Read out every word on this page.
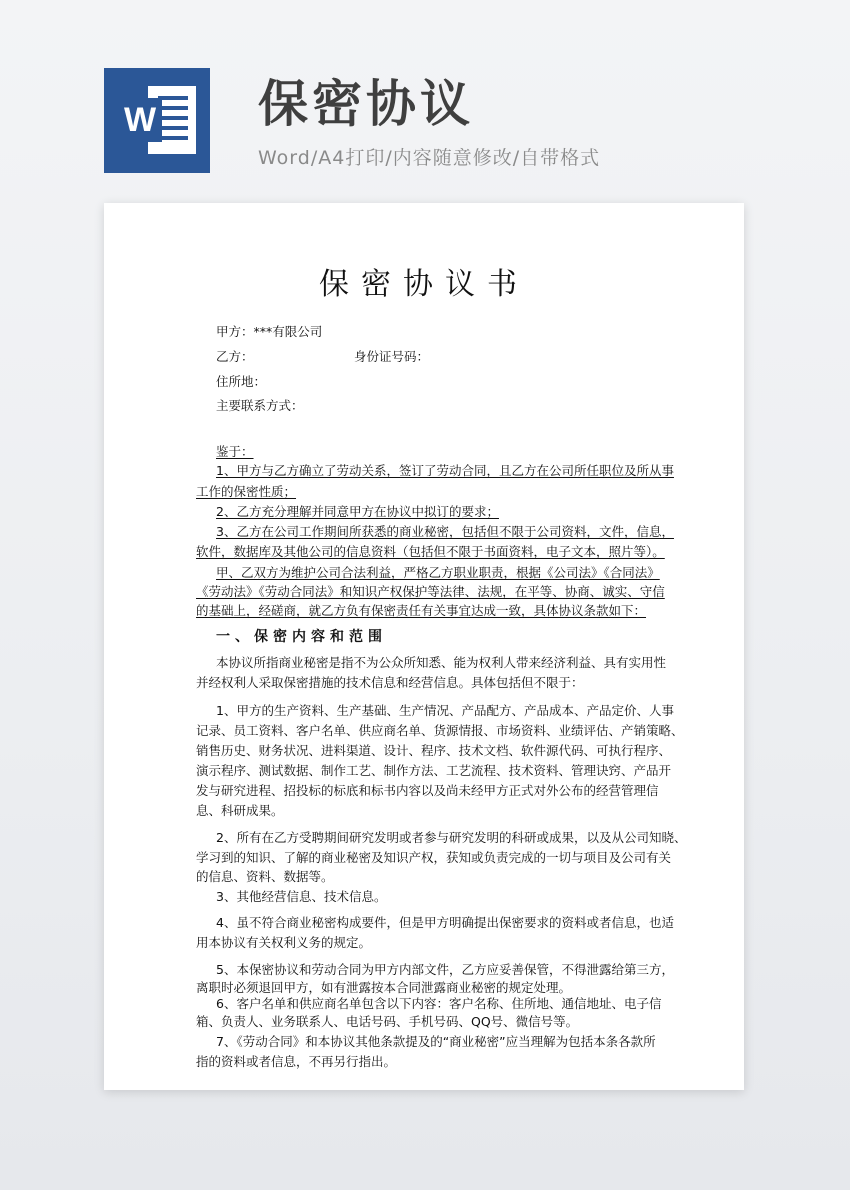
W 保密协议
Word/A4打印/内容随意修改/自带格式
保密协议书
甲方：***有限公司
乙方：	身份证号码：
住所地：
主要联系方式：
鉴于：
1、甲方与乙方确立了劳动关系，签订了劳动合同，且乙方在公司所任职位及所从事
工作的保密性质；
2、乙方充分理解并同意甲方在协议中拟订的要求；
3、乙方在公司工作期间所获悉的商业秘密，包括但不限于公司资料，文件，信息，
软件，数据库及其他公司的信息资料（包括但不限于书面资料，电子文本，照片等）。
甲、乙双方为维护公司合法利益，严格乙方职业职责，根据《公司法》《合同法》
《劳动法》《劳动合同法》和知识产权保护等法律、法规，在平等、协商、诚实、守信
的基础上，经磋商，就乙方负有保密责任有关事宜达成一致，具体协议条款如下：
一、保密内容和范围
本协议所指商业秘密是指不为公众所知悉、能为权利人带来经济利益、具有实用性
并经权利人采取保密措施的技术信息和经营信息。具体包括但不限于：
1、甲方的生产资料、生产基础、生产情况、产品配方、产品成本、产品定价、人事
记录、员工资料、客户名单、供应商名单、货源情报、市场资料、业绩评估、产销策略、
销售历史、财务状况、进料渠道、设计、程序、技术文档、软件源代码、可执行程序、
演示程序、测试数据、制作工艺、制作方法、工艺流程、技术资料、管理诀窍、产品开
发与研究进程、招投标的标底和标书内容以及尚未经甲方正式对外公布的经营管理信
息、科研成果。
2、所有在乙方受聘期间研究发明或者参与研究发明的科研或成果，以及从公司知晓、
学习到的知识、了解的商业秘密及知识产权，获知或负责完成的一切与项目及公司有关
的信息、资料、数据等。
3、其他经营信息、技术信息。
4、虽不符合商业秘密构成要件，但是甲方明确提出保密要求的资料或者信息，也适
用本协议有关权利义务的规定。
5、本保密协议和劳动合同为甲方内部文件，乙方应妥善保管，不得泄露给第三方，
离职时必须退回甲方，如有泄露按本合同泄露商业秘密的规定处理。
6、客户名单和供应商名单包含以下内容：客户名称、住所地、通信地址、电子信
箱、负责人、业务联系人、电话号码、手机号码、QQ号、微信号等。
7、《劳动合同》和本协议其他条款提及的“商业秘密”应当理解为包括本条各款所
指的资料或者信息，不再另行指出。
